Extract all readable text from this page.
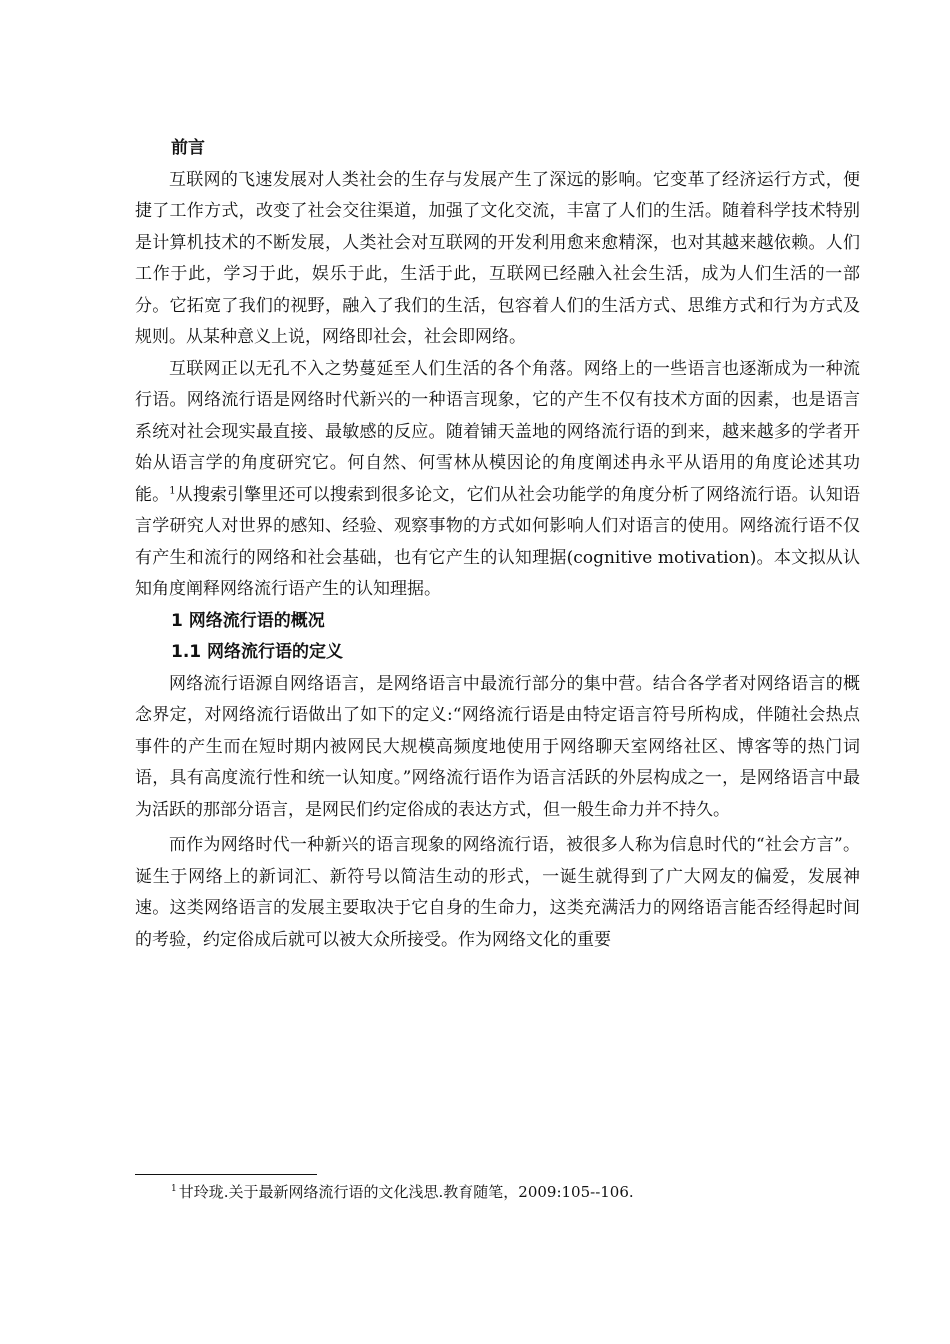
前言

互联网的飞速发展对人类社会的生存与发展产生了深远的影响。它变革了经济运行方式，便捷了工作方式，改变了社会交往渠道，加强了文化交流，丰富了人们的生活。随着科学技术特别是计算机技术的不断发展，人类社会对互联网的开发利用愈来愈精深，也对其越来越依赖。人们工作于此，学习于此，娱乐于此，生活于此，互联网已经融入社会生活，成为人们生活的一部分。它拓宽了我们的视野，融入了我们的生活，包容着人们的生活方式、思维方式和行为方式及规则。从某种意义上说，网络即社会，社会即网络。

互联网正以无孔不入之势蔓延至人们生活的各个角落。网络上的一些语言也逐渐成为一种流行语。网络流行语是网络时代新兴的一种语言现象，它的产生不仅有技术方面的因素，也是语言系统对社会现实最直接、最敏感的反应。随着铺天盖地的网络流行语的到来，越来越多的学者开始从语言学的角度研究它。何自然、何雪林从模因论的角度阐述冉永平从语用的角度论述其功能。$^1$从搜索引擎里还可以搜索到很多论文，它们从社会功能学的角度分析了网络流行语。认知语言学研究人对世界的感知、经验、观察事物的方式如何影响人们对语言的使用。网络流行语不仅有产生和流行的网络和社会基础，也有它产生的认知理据(cognitive motivation)。本文拟从认知角度阐释网络流行语产生的认知理据。

1 网络流行语的概况

1.1 网络流行语的定义

网络流行语源自网络语言，是网络语言中最流行部分的集中营。结合各学者对网络语言的概念界定，对网络流行语做出了如下的定义:“网络流行语是由特定语言符号所构成，伴随社会热点事件的产生而在短时期内被网民大规模高频度地使用于网络聊天室网络社区、博客等的热门词语，具有高度流行性和统一认知度。”网络流行语作为语言活跃的外层构成之一，是网络语言中最为活跃的那部分语言，是网民们约定俗成的表达方式，但一般生命力并不持久。

而作为网络时代一种新兴的语言现象的网络流行语，被很多人称为信息时代的“社会方言”。诞生于网络上的新词汇、新符号以简洁生动的形式，一诞生就得到了广大网友的偏爱，发展神速。这类网络语言的发展主要取决于它自身的生命力，这类充满活力的网络语言能否经得起时间的考验，约定俗成后就可以被大众所接受。作为网络文化的重要

$^1$ 甘玲珑.关于最新网络流行语的文化浅思.教育随笔，2009:105--106.
